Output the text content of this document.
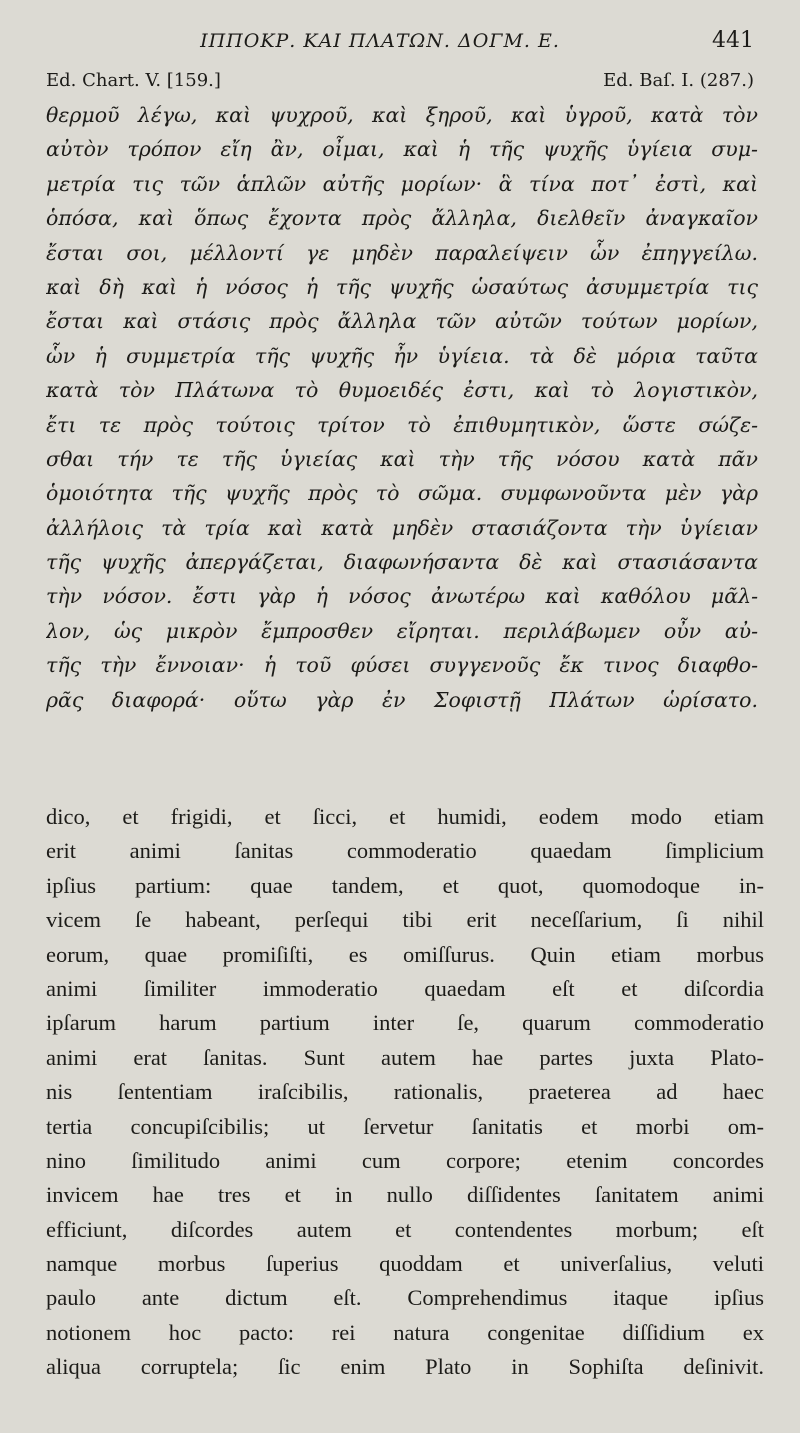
ΙΠΠΟΚΡ. ΚΑΙ ΠΛΑΤΩΝ. ΔΟΓΜ. Ε.	441
Ed. Chart. V. [159.]	Ed. Baſ. I. (287.)
θερμοῦ λέγω, καὶ ψυχροῦ, καὶ ξηροῦ, καὶ ὑγροῦ, κατὰ τὸν
αὐτὸν τρόπον εἴη ἂν, οἶμαι, καὶ ἡ τῆς ψυχῆς ὑγίεια συμ-
μετρία τις τῶν ἁπλῶν αὐτῆς μορίων· ἃ τίνα ποτ᾽ ἐστὶ, καὶ
ὁπόσα, καὶ ὅπως ἔχοντα πρὸς ἄλληλα, διελθεῖν ἀναγκαῖον
ἔσται σοι, μέλλοντί γε μηδὲν παραλείψειν ὧν ἐπηγγείλω.
καὶ δὴ καὶ ἡ νόσος ἡ τῆς ψυχῆς ὡσαύτως ἀσυμμετρία τις
ἔσται καὶ στάσις πρὸς ἄλληλα τῶν αὐτῶν τούτων μορίων,
ὧν ἡ συμμετρία τῆς ψυχῆς ἦν ὑγίεια. τὰ δὲ μόρια ταῦτα
κατὰ τὸν Πλάτωνα τὸ θυμοειδές ἐστι, καὶ τὸ λογιστικὸν,
ἔτι τε πρὸς τούτοις τρίτον τὸ ἐπιθυμητικὸν, ὥστε σώζε-
σθαι τήν τε τῆς ὑγιείας καὶ τὴν τῆς νόσου κατὰ πᾶν
ὁμοιότητα τῆς ψυχῆς πρὸς τὸ σῶμα. συμφωνοῦντα μὲν γὰρ
ἀλλήλοις τὰ τρία καὶ κατὰ μηδὲν στασιάζοντα τὴν ὑγίειαν
τῆς ψυχῆς ἀπεργάζεται, διαφωνήσαντα δὲ καὶ στασιάσαντα
τὴν νόσον. ἔστι γὰρ ἡ νόσος ἀνωτέρω καὶ καθόλου μᾶλ-
λον, ὡς μικρὸν ἔμπροσθεν εἴρηται. περιλάβωμεν οὖν αὐ-
τῆς τὴν ἔννοιαν· ἡ τοῦ φύσει συγγενοῦς ἔκ τινος διαφθο-
ρᾶς διαφορά· οὕτω γὰρ ἐν Σοφιστῇ Πλάτων ὡρίσατο.
dico, et frigidi, et ſicci, et humidi, eodem modo etiam
erit animi ſanitas commoderatio quaedam ſimplicium
ipſius partium: quae tandem, et quot, quomodoque in-
vicem ſe habeant, perſequi tibi erit neceſſarium, ſi nihil
eorum, quae promiſiſti, es omiſſurus. Quin etiam morbus
animi ſimiliter immoderatio quaedam eſt et diſcordia
ipſarum harum partium inter ſe, quarum commoderatio
animi erat ſanitas. Sunt autem hae partes juxta Plato-
nis ſententiam iraſcibilis, rationalis, praeterea ad haec
tertia concupiſcibilis; ut ſervetur ſanitatis et morbi om-
nino ſimilitudo animi cum corpore; etenim concordes
invicem hae tres et in nullo diſſidentes ſanitatem animi
efficiunt, diſcordes autem et contendentes morbum; eſt
namque morbus ſuperius quoddam et univerſalius, veluti
paulo ante dictum eſt. Comprehendimus itaque ipſius
notionem hoc pacto: rei natura congenitae diſſidium ex
aliqua corruptela; ſic enim Plato in Sophiſta deſinivit.
